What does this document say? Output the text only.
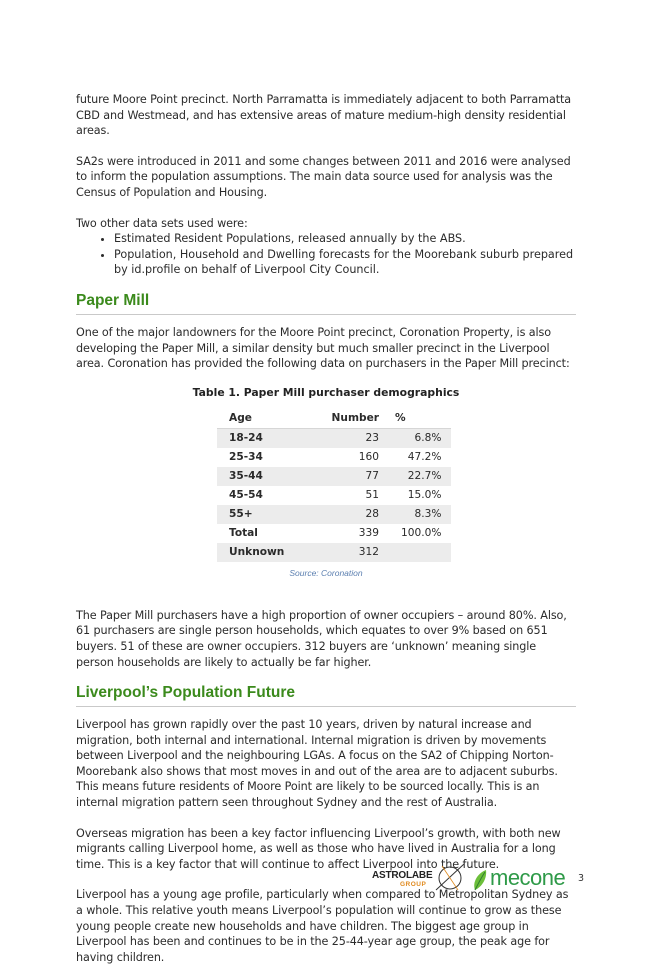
future Moore Point precinct. North Parramatta is immediately adjacent to both Parramatta CBD and Westmead, and has extensive areas of mature medium-high density residential areas.

SA2s were introduced in 2011 and some changes between 2011 and 2016 were analysed to inform the population assumptions. The main data source used for analysis was the Census of Population and Housing.

Two other data sets used were:

• Estimated Resident Populations, released annually by the ABS.
• Population, Household and Dwelling forecasts for the Moorebank suburb prepared by id.profile on behalf of Liverpool City Council.
Paper Mill

One of the major landowners for the Moore Point precinct, Coronation Property, is also developing the Paper Mill, a similar density but much smaller precinct in the Liverpool area. Coronation has provided the following data on purchasers in the Paper Mill precinct:

Table 1. Paper Mill purchaser demographics
Age	Number	%
18-24	23	6.8%
25-34	160	47.2%
35-44	77	22.7%
45-54	51	15.0%
55+	28	8.3%
Total	339	100.0%
Unknown	312	
Source: Coronation

The Paper Mill purchasers have a high proportion of owner occupiers – around 80%. Also, 61 purchasers are single person households, which equates to over 9% based on 651 buyers. 51 of these are owner occupiers. 312 buyers are ‘unknown’ meaning single person households are likely to actually be far higher.

Liverpool’s Population Future

Liverpool has grown rapidly over the past 10 years, driven by natural increase and migration, both internal and international. Internal migration is driven by movements between Liverpool and the neighbouring LGAs. A focus on the SA2 of Chipping Norton-Moorebank also shows that most moves in and out of the area are to adjacent suburbs. This means future residents of Moore Point are likely to be sourced locally. This is an internal migration pattern seen throughout Sydney and the rest of Australia.

Overseas migration has been a key factor influencing Liverpool’s growth, with both new migrants calling Liverpool home, as well as those who have lived in Australia for a long time. This is a key factor that will continue to affect Liverpool into the future.

Liverpool has a young age profile, particularly when compared to Metropolitan Sydney as a whole. This relative youth means Liverpool’s population will continue to grow as these young people create new households and have children. The biggest age group in Liverpool has been and continues to be in the 25-44-year age group, the peak age for having children.

ASTROLABE
GROUP	mecone 3
